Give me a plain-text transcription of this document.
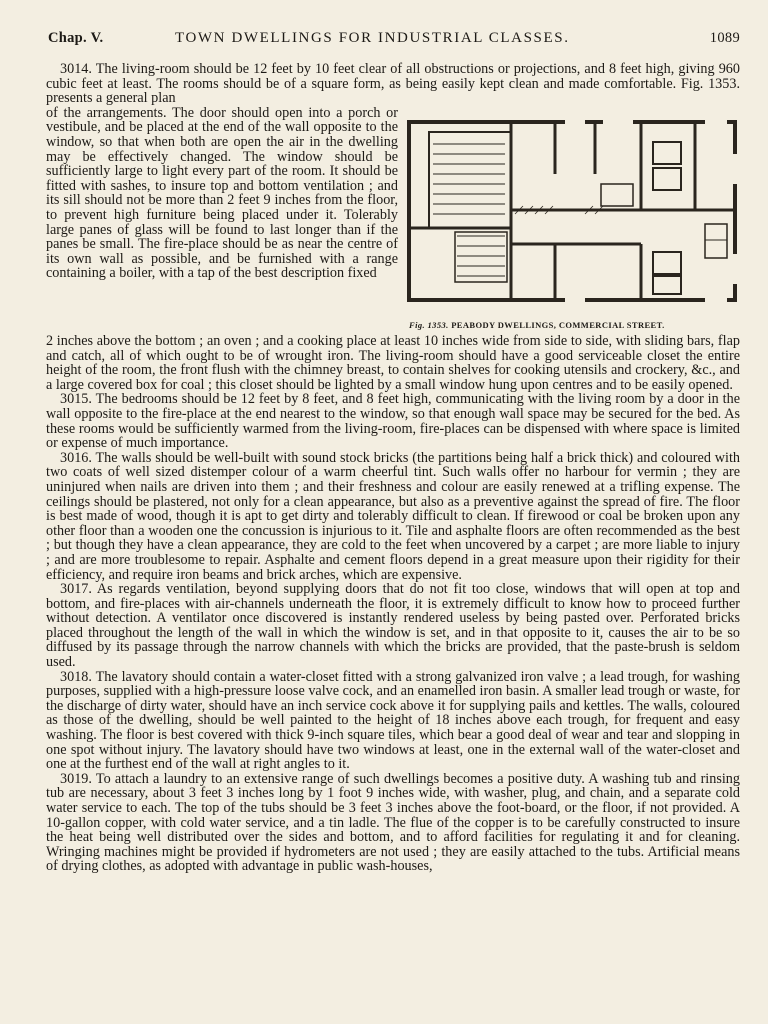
Chap. V.	TOWN DWELLINGS FOR INDUSTRIAL CLASSES.	1089

3014. The living-room should be 12 feet by 10 feet clear of all obstructions or projections, and 8 feet high, giving 960 cubic feet at least. The rooms should be of a square form, as being easily kept clean and made comfortable. Fig. 1353. presents a general plan

of the arrangements. The door should open into a porch or vestibule, and be placed at the end of the wall opposite to the window, so that when both are open the air in the dwelling may be effectively changed. The window should be sufficiently large to light every part of the room. It should be fitted with sashes, to insure top and bottom ventilation ; and its sill should not be more than 2 feet 9 inches from the floor, to prevent high furniture being placed under it. Tolerably large panes of glass will be found to last longer than if the panes be small. The fire-place should be as near the centre of its own wall as possible, and be furnished with a range containing a boiler, with a tap of the best description fixed

Fig. 1353. PEABODY DWELLINGS, COMMERCIAL STREET.

2 inches above the bottom ; an oven ; and a cooking place at least 10 inches wide from side to side, with sliding bars, flap and catch, all of which ought to be of wrought iron. The living-room should have a good serviceable closet the entire height of the room, the front flush with the chimney breast, to contain shelves for cooking utensils and crockery, &c., and a large covered box for coal ; this closet should be lighted by a small window hung upon centres and to be easily opened.

3015. The bedrooms should be 12 feet by 8 feet, and 8 feet high, communicating with the living room by a door in the wall opposite to the fire-place at the end nearest to the window, so that enough wall space may be secured for the bed. As these rooms would be sufficiently warmed from the living-room, fire-places can be dispensed with where space is limited or expense of much importance.

3016. The walls should be well-built with sound stock bricks (the partitions being half a brick thick) and coloured with two coats of well sized distemper colour of a warm cheerful tint. Such walls offer no harbour for vermin ; they are uninjured when nails are driven into them ; and their freshness and colour are easily renewed at a trifling expense. The ceilings should be plastered, not only for a clean appearance, but also as a preventive against the spread of fire. The floor is best made of wood, though it is apt to get dirty and tolerably difficult to clean. If firewood or coal be broken upon any other floor than a wooden one the concussion is injurious to it. Tile and asphalte floors are often recommended as the best ; but though they have a clean appearance, they are cold to the feet when uncovered by a carpet ; are more liable to injury ; and are more troublesome to repair. Asphalte and cement floors depend in a great measure upon their rigidity for their efficiency, and require iron beams and brick arches, which are expensive.

3017. As regards ventilation, beyond supplying doors that do not fit too close, windows that will open at top and bottom, and fire-places with air-channels underneath the floor, it is extremely difficult to know how to proceed further without detection. A ventilator once discovered is instantly rendered useless by being pasted over. Perforated bricks placed throughout the length of the wall in which the window is set, and in that opposite to it, causes the air to be so diffused by its passage through the narrow channels with which the bricks are provided, that the paste-brush is seldom used.

3018. The lavatory should contain a water-closet fitted with a strong galvanized iron valve ; a lead trough, for washing purposes, supplied with a high-pressure loose valve cock, and an enamelled iron basin. A smaller lead trough or waste, for the discharge of dirty water, should have an inch service cock above it for supplying pails and kettles. The walls, coloured as those of the dwelling, should be well painted to the height of 18 inches above each trough, for frequent and easy washing. The floor is best covered with thick 9-inch square tiles, which bear a good deal of wear and tear and slopping in one spot without injury. The lavatory should have two windows at least, one in the external wall of the water-closet and one at the furthest end of the wall at right angles to it.

3019. To attach a laundry to an extensive range of such dwellings becomes a positive duty. A washing tub and rinsing tub are necessary, about 3 feet 3 inches long by 1 foot 9 inches wide, with washer, plug, and chain, and a separate cold water service to each. The top of the tubs should be 3 feet 3 inches above the foot-board, or the floor, if not provided. A 10-gallon copper, with cold water service, and a tin ladle. The flue of the copper is to be carefully constructed to insure the heat being well distributed over the sides and bottom, and to afford facilities for regulating it and for cleaning. Wringing machines might be provided if hydrometers are not used ; they are easily attached to the tubs. Artificial means of drying clothes, as adopted with advantage in public wash-houses,
